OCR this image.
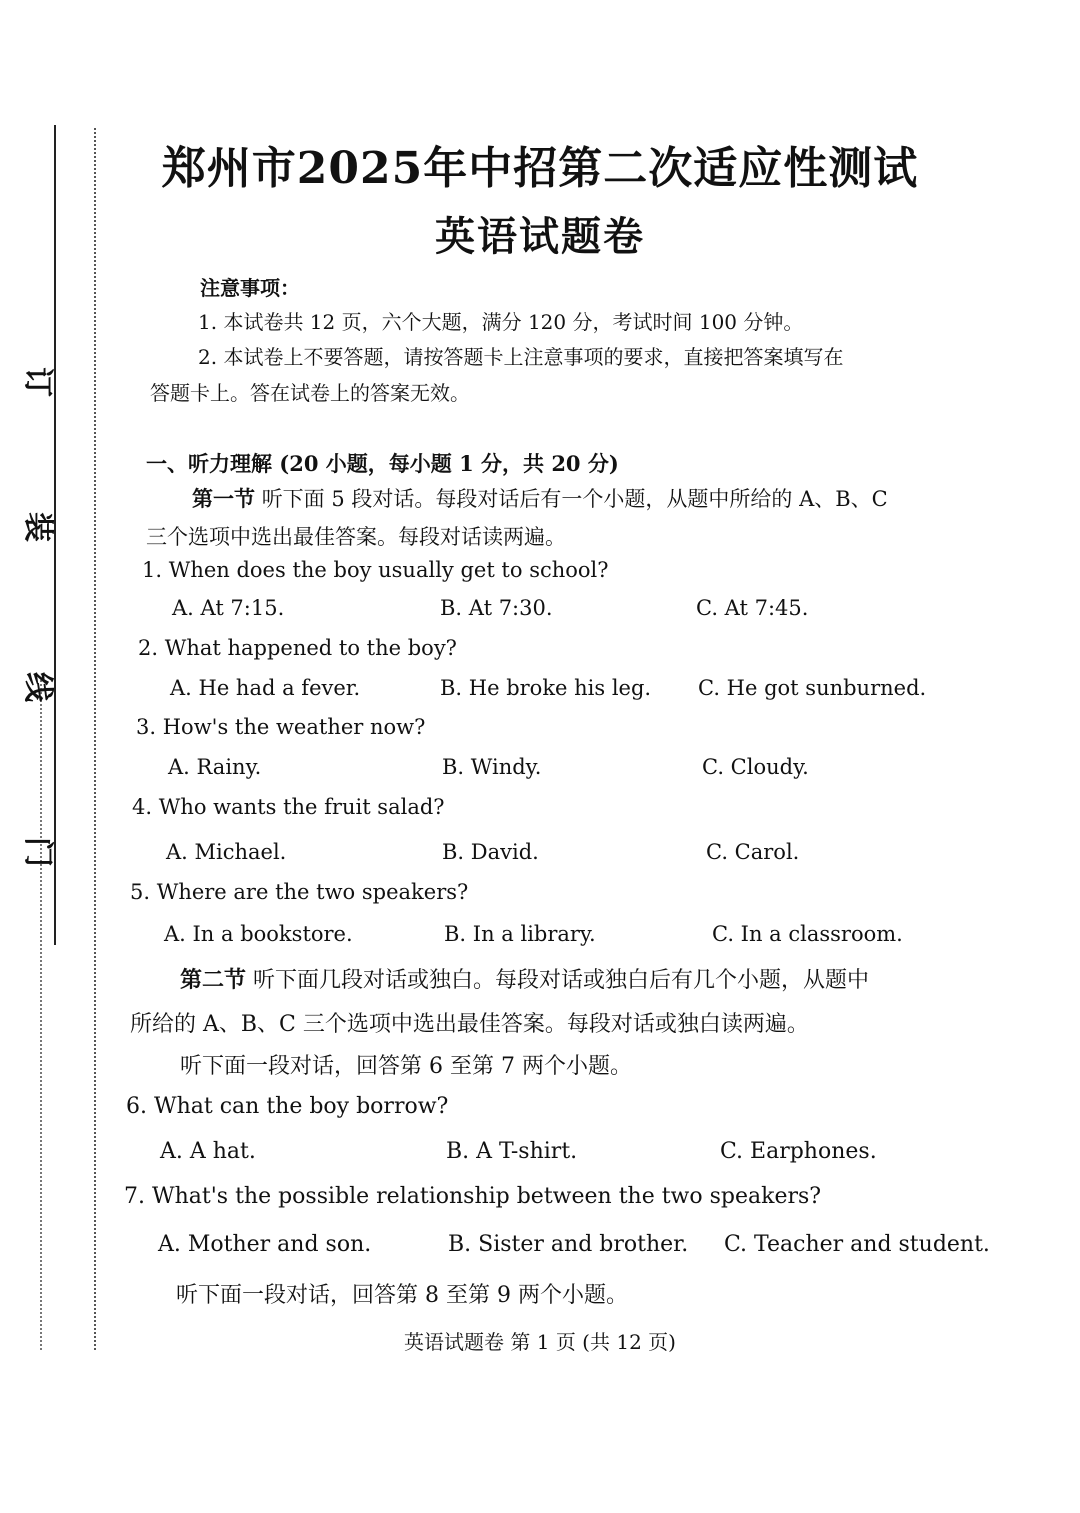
订
装
线
门
郑州市2025年中招第二次适应性测试
英语试题卷
注意事项：
1. 本试卷共 12 页，六个大题，满分 120 分，考试时间 100 分钟。
2. 本试卷上不要答题，请按答题卡上注意事项的要求，直接把答案填写在
答题卡上。答在试卷上的答案无效。
一、听力理解 (20 小题，每小题 1 分，共 20 分)
第一节 听下面 5 段对话。每段对话后有一个小题，从题中所给的 A、B、C
三个选项中选出最佳答案。每段对话读两遍。
1. When does the boy usually get to school?
A. At 7:15.	B. At 7:30.	C. At 7:45.
2. What happened to the boy?
A. He had a fever.	B. He broke his leg. C. He got sunburned.
3. How's the weather now?
A. Rainy.	B. Windy.	C. Cloudy.
4. Who wants the fruit salad?
A. Michael.	B. David.	C. Carol.
5. Where are the two speakers?
A. In a bookstore.	B. In a library.	C. In a classroom.
第二节 听下面几段对话或独白。每段对话或独白后有几个小题，从题中
所给的 A、B、C 三个选项中选出最佳答案。每段对话或独白读两遍。
听下面一段对话，回答第 6 至第 7 两个小题。
6. What can the boy borrow?
A. A hat.	B. A T-shirt.	C. Earphones.
7. What's the possible relationship between the two speakers?
A. Mother and son.	B. Sister and brother. C. Teacher and student.
听下面一段对话，回答第 8 至第 9 两个小题。
英语试题卷 第 1 页 (共 12 页)
